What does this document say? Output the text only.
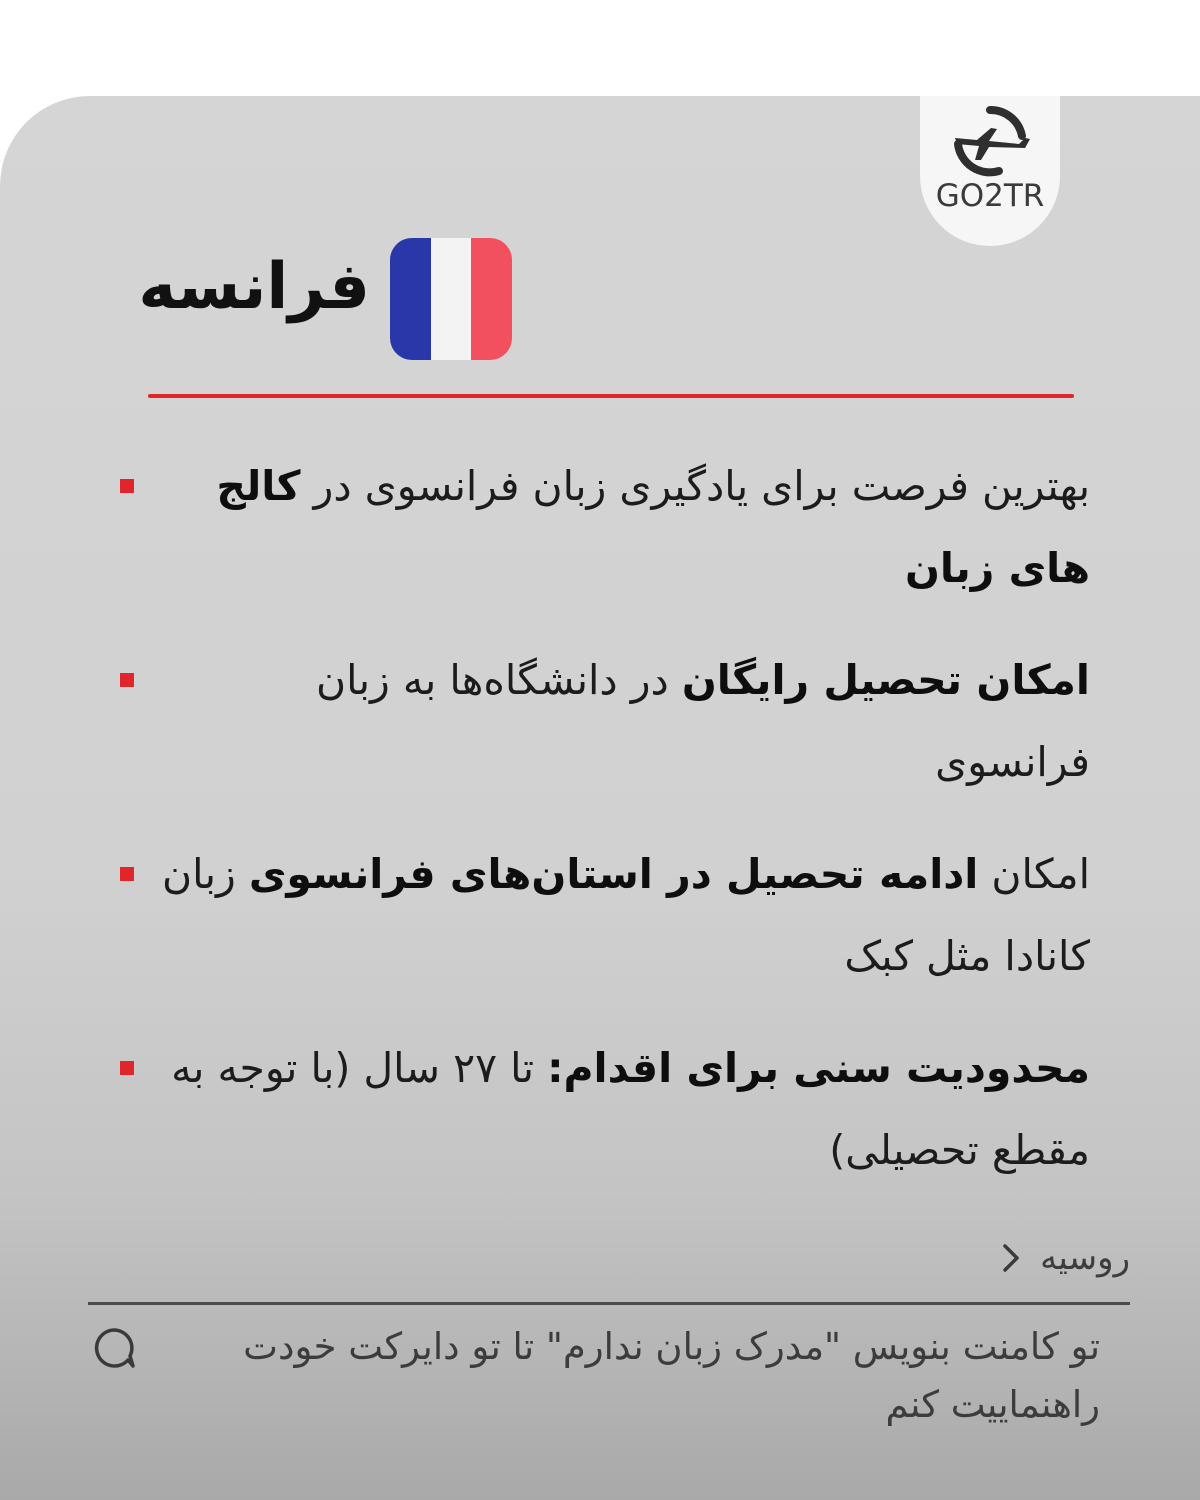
GO2TR
فرانسه
بهترین فرصت برای یادگیری زبان فرانسوی در کالج های زبان
امکان تحصیل رایگان در دانشگاه‌ها به زبان فرانسوی
امکان ادامه تحصیل در استان‌های فرانسوی زبان کانادا مثل کبک
محدودیت سنی برای اقدام: تا ۲۷ سال (با توجه به مقطع تحصیلی)
روسیه
تو کامنت بنویس "مدرک زبان ندارم" تا تو دایرکت خودت راهنماییت کنم
